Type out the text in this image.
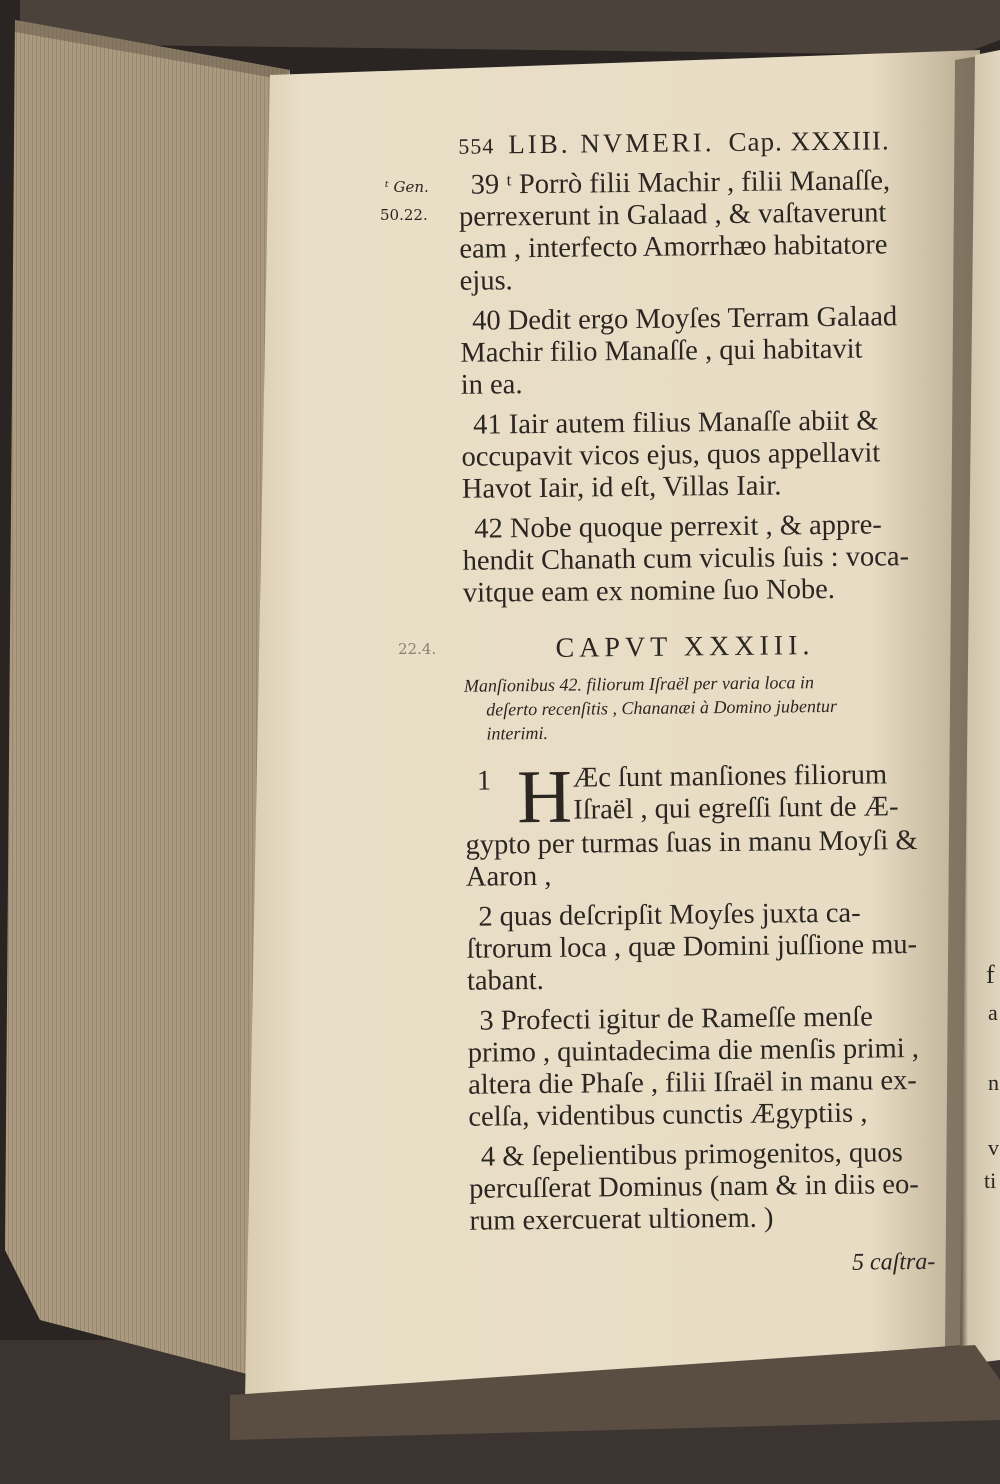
f
a
n
v
ti
ᵗ Gen.
50.22.
22.4.
554 LIB. NVMERI. Cap. XXXIII.
39 ᵗ Porrò filii Machir , filii Manaſſe,
perrexerunt in Galaad , & vaſtaverunt
eam , interfecto Amorrhæo habitatore
ejus.
40 Dedit ergo Moyſes Terram Galaad
Machir filio Manaſſe , qui habitavit
in ea.
41 Iair autem filius Manaſſe abiit &
occupavit vicos ejus, quos appellavit
Havot Iair, id eſt, Villas Iair.
42 Nobe quoque perrexit , & appre-
hendit Chanath cum viculis ſuis : voca-
vitque eam ex nomine ſuo Nobe.
CAPVT XXXIII.
Manſionibus 42. filiorum Iſraël per varia loca in
deſerto recenſitis , Chananæi à Domino jubentur
interimi.
1 H Æc ſunt manſiones filiorum
Iſraël , qui egreſſi ſunt de Æ-
gypto per turmas ſuas in manu Moyſi &
Aaron ,
2 quas deſcripſit Moyſes juxta ca-
ſtrorum loca , quæ Domini juſſione mu-
tabant.
3 Profecti igitur de Rameſſe menſe
primo , quintadecima die menſis primi ,
altera die Phaſe , filii Iſraël in manu ex-
celſa, videntibus cunctis Ægyptiis ,
4 & ſepelientibus primogenitos, quos
percuſſerat Dominus (nam & in diis eo-
rum exercuerat ultionem. )
5 caſtra-
